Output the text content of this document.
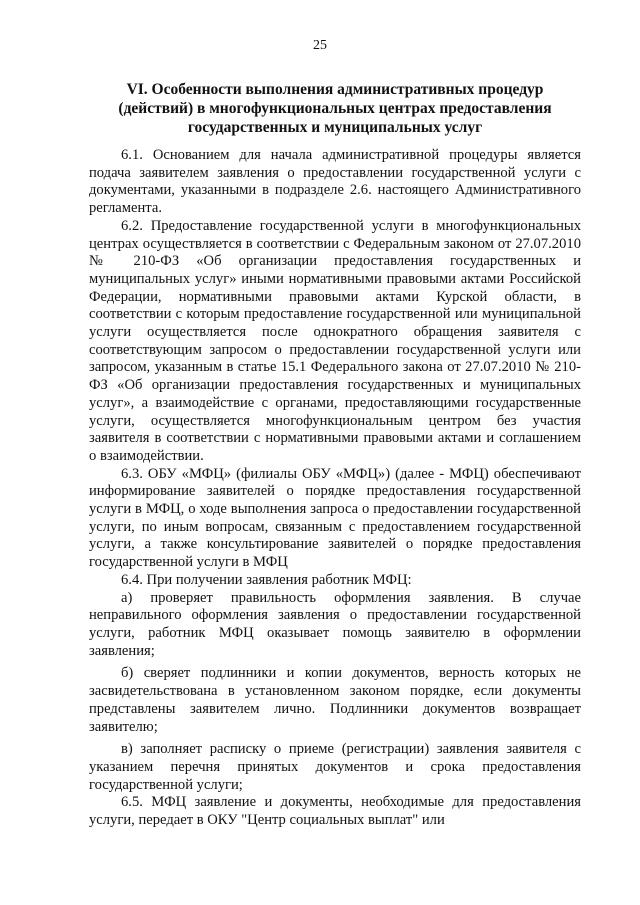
25
VI. Особенности выполнения административных процедур
(действий) в многофункциональных центрах предоставления
государственных и муниципальных услуг

6.1. Основанием для начала административной процедуры является подача заявителем заявления о предоставлении государственной услуги с документами, указанными в подразделе 2.6. настоящего Административного регламента.

6.2. Предоставление государственной услуги в многофункциональных центрах осуществляется в соответствии с Федеральным законом от 27.07.2010 № 210-ФЗ «Об организации предоставления государственных и муниципальных услуг» иными нормативными правовыми актами Российской Федерации, нормативными правовыми актами Курской области, в соответствии с которым предоставление государственной или муниципальной услуги осуществляется после однократного обращения заявителя с соответствующим запросом о предоставлении государственной услуги или запросом, указанным в статье 15.1 Федерального закона от 27.07.2010 № 210-ФЗ «Об организации предоставления государственных и муниципальных услуг», а взаимодействие с органами, предоставляющими государственные услуги, осуществляется многофункциональным центром без участия заявителя в соответствии с нормативными правовыми актами и соглашением о взаимодействии.

6.3. ОБУ «МФЦ» (филиалы ОБУ «МФЦ») (далее - МФЦ) обеспечивают информирование заявителей о порядке предоставления государственной услуги в МФЦ, о ходе выполнения запроса о предоставлении государственной услуги, по иным вопросам, связанным с предоставлением государственной услуги, а также консультирование заявителей о порядке предоставления государственной услуги в МФЦ

6.4. При получении заявления работник МФЦ:

а) проверяет правильность оформления заявления. В случае неправильного оформления заявления о предоставлении государственной услуги, работник МФЦ оказывает помощь заявителю в оформлении заявления;

б) сверяет подлинники и копии документов, верность которых не засвидетельствована в установленном законом порядке, если документы представлены заявителем лично. Подлинники документов возвращает заявителю;

в) заполняет расписку о приеме (регистрации) заявления заявителя с указанием перечня принятых документов и срока предоставления государственной услуги;

6.5. МФЦ заявление и документы, необходимые для предоставления услуги, передает в ОКУ "Центр социальных выплат" или
